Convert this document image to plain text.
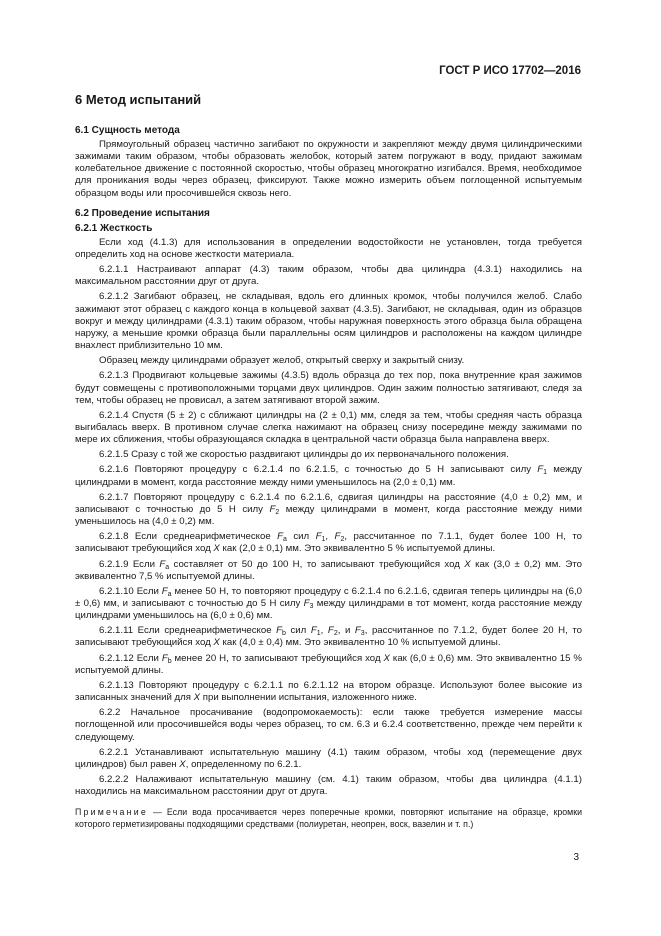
ГОСТ Р ИСО 17702—2016
6 Метод испытаний
6.1 Сущность метода

Прямоугольный образец частично загибают по окружности и закрепляют между двумя цилиндрическими зажимами таким образом, чтобы образовать желобок, который затем погружают в воду, придают зажимам колебательное движение с постоянной скоростью, чтобы образец многократно изгибался. Время, необходимое для проникания воды через образец, фиксируют. Также можно измерить объем поглощенной испытуемым образцом воды или просочившейся сквозь него.

6.2 Проведение испытания
6.2.1 Жесткость

Если ход (4.1.3) для использования в определении водостойкости не установлен, тогда требуется определить ход на основе жесткости материала.

6.2.1.1 Настраивают аппарат (4.3) таким образом, чтобы два цилиндра (4.3.1) находились на максимальном расстоянии друг от друга.

6.2.1.2 Загибают образец, не складывая, вдоль его длинных кромок, чтобы получился желоб. Слабо зажимают этот образец с каждого конца в кольцевой захват (4.3.5). Загибают, не складывая, один из образцов вокруг и между цилиндрами (4.3.1) таким образом, чтобы наружная поверхность этого образца была обращена наружу, а меньшие кромки образца были параллельны осям цилиндров и расположены на каждом цилиндре внахлест приблизительно 10 мм.

Образец между цилиндрами образует желоб, открытый сверху и закрытый снизу.

6.2.1.3 Продвигают кольцевые зажимы (4.3.5) вдоль образца до тех пор, пока внутренние края зажимов будут совмещены с противоположными торцами двух цилиндров. Один зажим полностью затягивают, следя за тем, чтобы образец не провисал, а затем затягивают второй зажим.

6.2.1.4 Спустя (5 ± 2) с сближают цилиндры на (2 ± 0,1) мм, следя за тем, чтобы средняя часть образца выгибалась вверх. В противном случае слегка нажимают на образец снизу посередине между зажимами по мере их сближения, чтобы образующаяся складка в центральной части образца была направлена вверх.

6.2.1.5 Сразу с той же скоростью раздвигают цилиндры до их первоначального положения.

6.2.1.6 Повторяют процедуру с 6.2.1.4 по 6.2.1.5, с точностью до 5 Н записывают силу $F_1$ между цилиндрами в момент, когда расстояние между ними уменьшилось на (2,0 ± 0,1) мм.

6.2.1.7 Повторяют процедуру с 6.2.1.4 по 6.2.1.6, сдвигая цилиндры на расстояние (4,0 ± 0,2) мм, и записывают с точностью до 5 Н силу $F_2$ между цилиндрами в момент, когда расстояние между ними уменьшилось на (4,0 ± 0,2) мм.

6.2.1.8 Если среднеарифметическое $F_a$ сил $F_1$, $F_2$, рассчитанное по 7.1.1, будет более 100 Н, то записывают требующийся ход X как (2,0 ± 0,1) мм. Это эквивалентно 5 % испытуемой длины.

6.2.1.9 Если $F_a$ составляет от 50 до 100 Н, то записывают требующийся ход X как (3,0 ± 0,2) мм. Это эквивалентно 7,5 % испытуемой длины.

6.2.1.10 Если $F_a$ менее 50 Н, то повторяют процедуру с 6.2.1.4 по 6.2.1.6, сдвигая теперь цилиндры на (6,0 ± 0,6) мм, и записывают с точностью до 5 Н силу $F_3$ между цилиндрами в тот момент, когда расстояние между цилиндрами уменьшилось на (6,0 ± 0,6) мм.

6.2.1.11 Если среднеарифметическое $F_b$ сил $F_1$, $F_2$, и $F_3$, рассчитанное по 7.1.2, будет более 20 Н, то записывают требующийся ход X как (4,0 ± 0,4) мм. Это эквивалентно 10 % испытуемой длины.

6.2.1.12 Если $F_b$ менее 20 Н, то записывают требующийся ход X как (6,0 ± 0,6) мм. Это эквивалентно 15 % испытуемой длины.

6.2.1.13 Повторяют процедуру с 6.2.1.1 по 6.2.1.12 на втором образце. Используют более высокие из записанных значений для X при выполнении испытания, изложенного ниже.

6.2.2 Начальное просачивание (водопромокаемость): если также требуется измерение массы поглощенной или просочившейся воды через образец, то см. 6.3 и 6.2.4 соответственно, прежде чем перейти к следующему.

6.2.2.1 Устанавливают испытательную машину (4.1) таким образом, чтобы ход (перемещение двух цилиндров) был равен X, определенному по 6.2.1.

6.2.2.2 Налаживают испытательную машину (см. 4.1) таким образом, чтобы два цилиндра (4.1.1) находились на максимальном расстоянии друг от друга.

Примечание — Если вода просачивается через поперечные кромки, повторяют испытание на образце, кромки которого герметизированы подходящими средствами (полиуретан, неопрен, воск, вазелин и т. п.)

3
